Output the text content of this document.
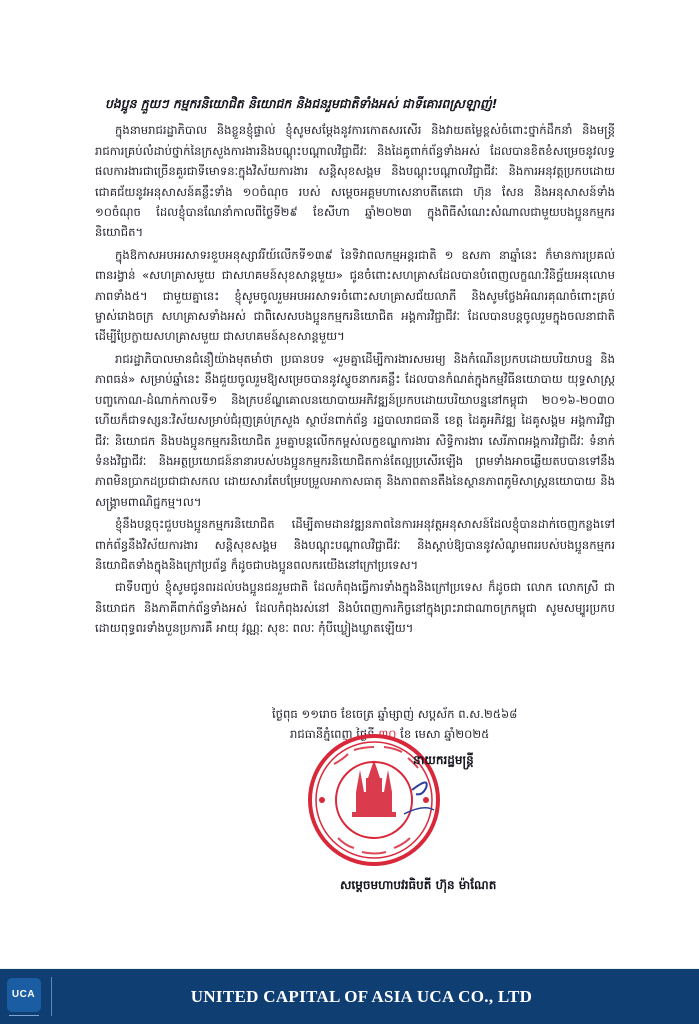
បងប្អូន ក្មួយៗ កម្មករនិយោជិត និយោជក និងជនរួមជាតិទាំងអស់ ជាទីគោរពស្រឡាញ់!

ក្នុងនាមរាជរដ្ឋាភិបាល និងខ្លួនខ្ញុំផ្ទាល់ ខ្ញុំសូមសម្ដែងនូវការកោតសរសើរ និងវាយតម្លៃខ្ពស់ចំពោះថ្នាក់ដឹកនាំ និងមន្ត្រីរាជការគ្រប់លំដាប់ថ្នាក់នៃក្រសួងការងារនិងបណ្ដុះបណ្ដាលវិជ្ជាជីវៈ និងដៃគូពាក់ព័ន្ធទាំងអស់ ដែលបានខិតខំសម្រេចនូវលទ្ធផលការងារជាច្រើនគួរជាទីមោទនៈក្នុងវិស័យការងារ សន្តិសុខសង្គម និងបណ្ដុះបណ្ដាលវិជ្ជាជីវៈ និងការអនុវត្តប្រកបដោយជោគជ័យនូវអនុសាសន៍គន្លឹះទាំង ១០ចំណុច របស់ សម្ដេចអគ្គមហាសេនាបតីតេជោ ហ៊ុន សែន និងអនុសាសន៍ទាំង ១០ចំណុច ដែលខ្ញុំបានណែនាំកាលពីថ្ងៃទី២៩ ខែសីហា ឆ្នាំ២០២៣ ក្នុងពិធីសំណេះសំណាលជាមួយបងប្អូនកម្មករនិយោជិត។

ក្នុងឱកាសអបអរសាទរខួបអនុស្សាវរីយ៍លើកទី១៣៩ នៃទិវាពលកម្មអន្តរជាតិ ១ ឧសភា នាឆ្នាំនេះ ក៏មានការប្រគល់ពានរង្វាន់ «សហគ្រាសមួយ ជាសហគមន៍សុខសាន្តមួយ» ជូនចំពោះសហគ្រាសដែលបានបំពេញលក្ខណៈវិនិច្ឆ័យអនុលោមភាពទាំង៥។ ជាមួយគ្នានេះ ខ្ញុំសូមចូលរួមអបអរសាទរចំពោះសហគ្រាសជ័យលាភី និងសូមថ្លែងអំណរគុណចំពោះគ្រប់ម្ចាស់រោងចក្រ សហគ្រាសទាំងអស់ ជាពិសេសបងប្អូនកម្មករនិយោជិត អង្គការវិជ្ជាជីវៈ ដែលបានបន្តចូលរួមក្នុងចលនាជាតិដើម្បីប្រែក្លាយសហគ្រាសមួយ ជាសហគមន៍សុខសាន្តមួយ។

រាជរដ្ឋាភិបាលមានជំនឿយ៉ាងមុតមាំថា ប្រធានបទ «រួមគ្នាដើម្បីការងារសមរម្យ និងកំណើនប្រកបដោយបរិយាបន្ន និងភាពធន់» សម្រាប់ឆ្នាំនេះ នឹងជួយចូលរួមឱ្យសម្រេចបាននូវស្ទូចនាករគន្លឹះ ដែលបានកំណត់ក្នុងកម្មវិធីនយោបាយ យុទ្ធសាស្ត្របញ្ចកោណ-ដំណាក់កាលទី១ និងក្របខ័ណ្ឌគោលនយោបាយអភិវឌ្ឍន៍ប្រកបដោយបរិយាបន្ននៅកម្ពុជា ២០១៦-២០៣០ ហើយក៏ជាទស្សនៈវិស័យសម្រាប់ជំរុញគ្រប់ក្រសួង ស្ថាប័នពាក់ព័ន្ធ រដ្ឋបាលរាជធានី ខេត្ត ដៃគូអភិវឌ្ឍ ដៃគូសង្គម អង្គការវិជ្ជាជីវៈ និយោជក និងបងប្អូនកម្មករនិយោជិត រួមគ្នាបន្តលើកកម្ពស់លក្ខខណ្ឌការងារ សិទ្ធិការងារ សេរីភាពអង្គការវិជ្ជាជីវៈ ទំនាក់ទំនងវិជ្ជាជីវៈ និងអត្ថប្រយោជន៍នានារបស់បងប្អូនកម្មករនិយោជិតកាន់តែល្អប្រសើរឡើង ព្រមទាំងអាចឆ្លើយតបបានទៅនឹងភាពមិនប្រាកដប្រជាជាសកល ដោយសារតែបម្រែបម្រួលអាកាសធាតុ និងភាពតានតឹងនៃស្ថានភាពភូមិសាស្ត្រនយោបាយ និងសង្គ្រាមពាណិជ្ជកម្ម។ល។

ខ្ញុំនឹងបន្តចុះជួបបងប្អូនកម្មករនិយោជិត ដើម្បីតាមដានវឌ្ឍនភាពនៃការអនុវត្តអនុសាសន៍ដែលខ្ញុំបានដាក់ចេញកន្លងទៅ ពាក់ព័ន្ធនឹងវិស័យការងារ សន្តិសុខសង្គម និងបណ្ដុះបណ្ដាលវិជ្ជាជីវៈ និងស្ដាប់ឱ្យបាននូវសំណូមពររបស់បងប្អូនកម្មករនិយោជិតទាំងក្នុងនិងក្រៅប្រព័ន្ធ ក៏ដូចជាបងប្អូនពលករយើងនៅក្រៅប្រទេស។

ជាទីបញ្ចប់ ខ្ញុំសូមជូនពរដល់បងប្អូនជនរួមជាតិ ដែលកំពុងធ្វើការទាំងក្នុងនិងក្រៅប្រទេស ក៏ដូចជា លោក លោកស្រី ជានិយោជក និងភាគីពាក់ព័ន្ធទាំងអស់ ដែលកំពុងរស់នៅ និងបំពេញការកិច្ចនៅក្នុងព្រះរាជាណាចក្រកម្ពុជា សូមសម្បូរប្រកបដោយពុទ្ធពរទាំងបួនប្រការគឺ អាយុ វណ្ណៈ សុខៈ ពលៈ កុំបីឃ្លៀងឃ្លាតឡើយ។

ថ្ងៃពុធ ១១រោច ខែចេត្រ ឆ្នាំម្សាញ់ សប្តស័ក ព.ស.២៥៦៨
រាជធានីភ្នំពេញ ថ្ងៃទី ៣០ ខែ មេសា ឆ្នាំ២០២៥
នាយករដ្ឋមន្ត្រី
សម្ដេចមហាបវរធិបតី ហ៊ុន ម៉ាណែត
UNITED CAPITAL OF ASIA UCA CO., LTD
UCA
